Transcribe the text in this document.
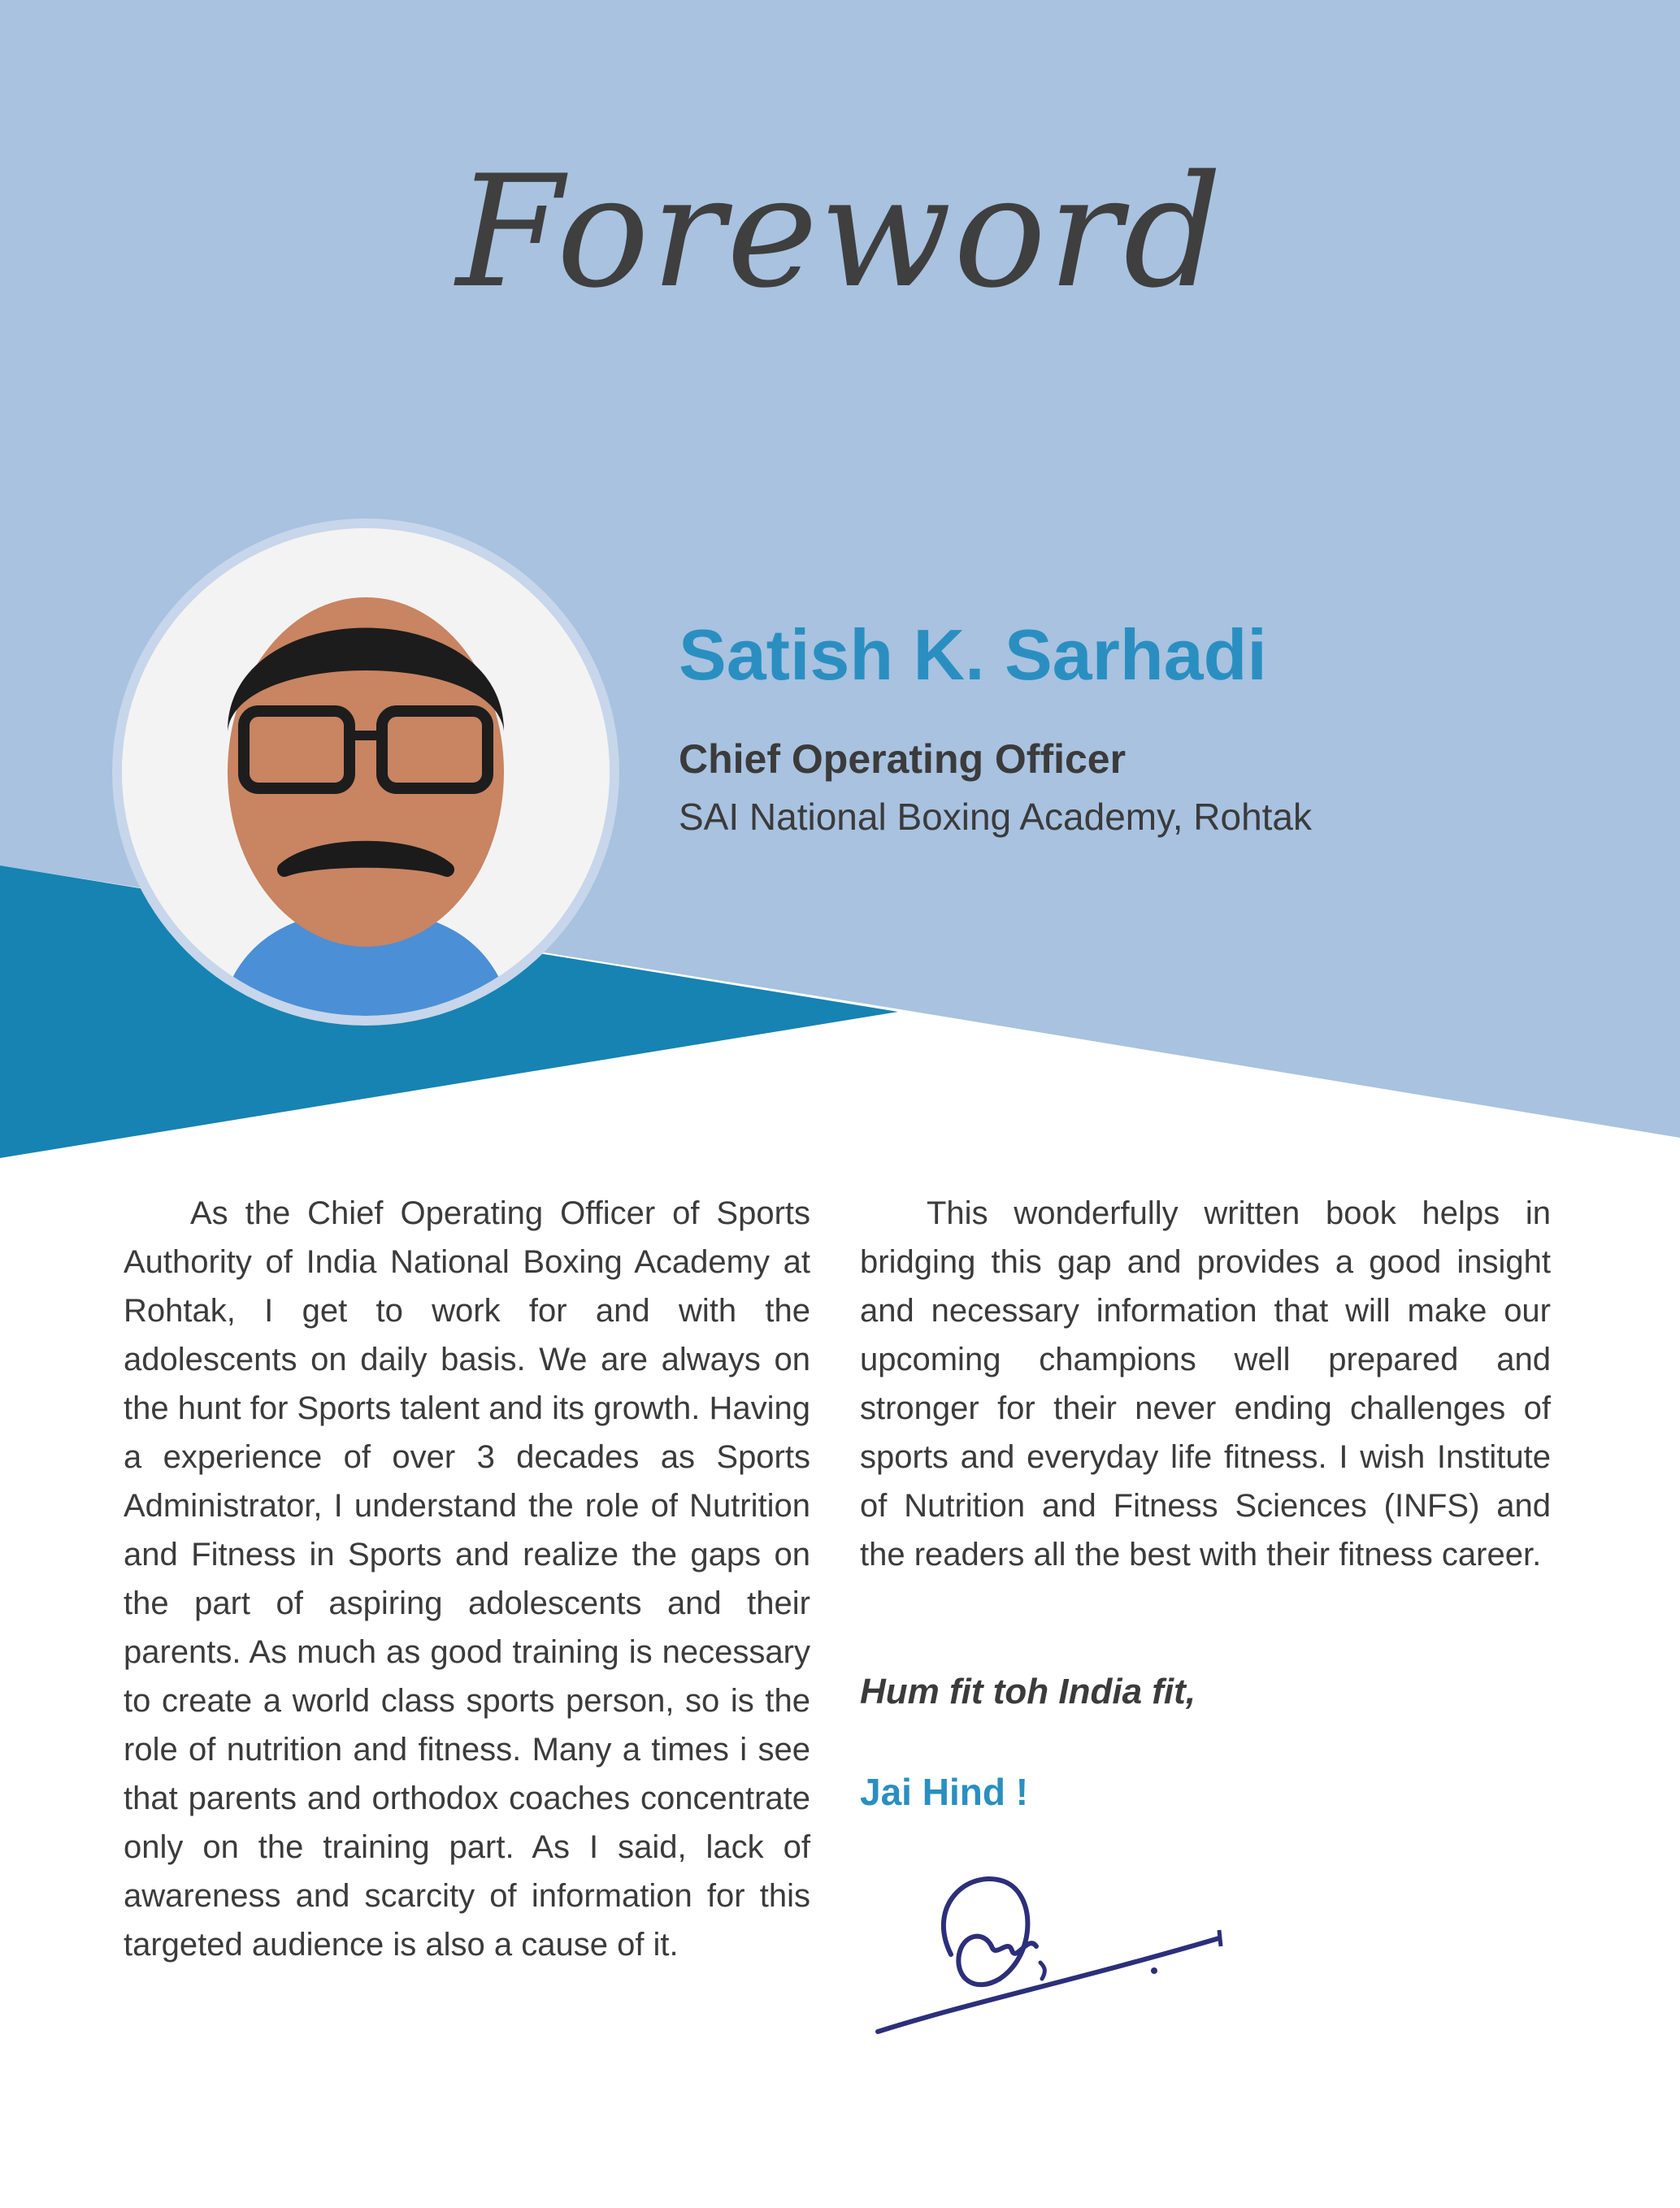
Foreword
Satish K. Sarhadi
Chief Operating Officer
SAI National Boxing Academy, Rohtak

As the Chief Operating Officer of Sports Authority of India National Boxing Academy at Rohtak, I get to work for and with the adolescents on daily basis. We are always on the hunt for Sports talent and its growth. Having a experience of over 3 decades as Sports Administrator, I understand the role of Nutrition and Fitness in Sports and realize the gaps on the part of aspiring adolescents and their parents. As much as good training is necessary to create a world class sports person, so is the role of nutrition and fitness. Many a times i see that parents and orthodox coaches concentrate only on the training part. As I said, lack of awareness and scarcity of information for this targeted audience is also a cause of it.

This wonderfully written book helps in bridging this gap and provides a good insight and necessary information that will make our upcoming champions well prepared and stronger for their never ending challenges of sports and everyday life fitness. I wish Institute of Nutrition and Fitness Sciences (INFS) and the readers all the best with their fitness career.

Hum fit toh India fit,
Jai Hind !
